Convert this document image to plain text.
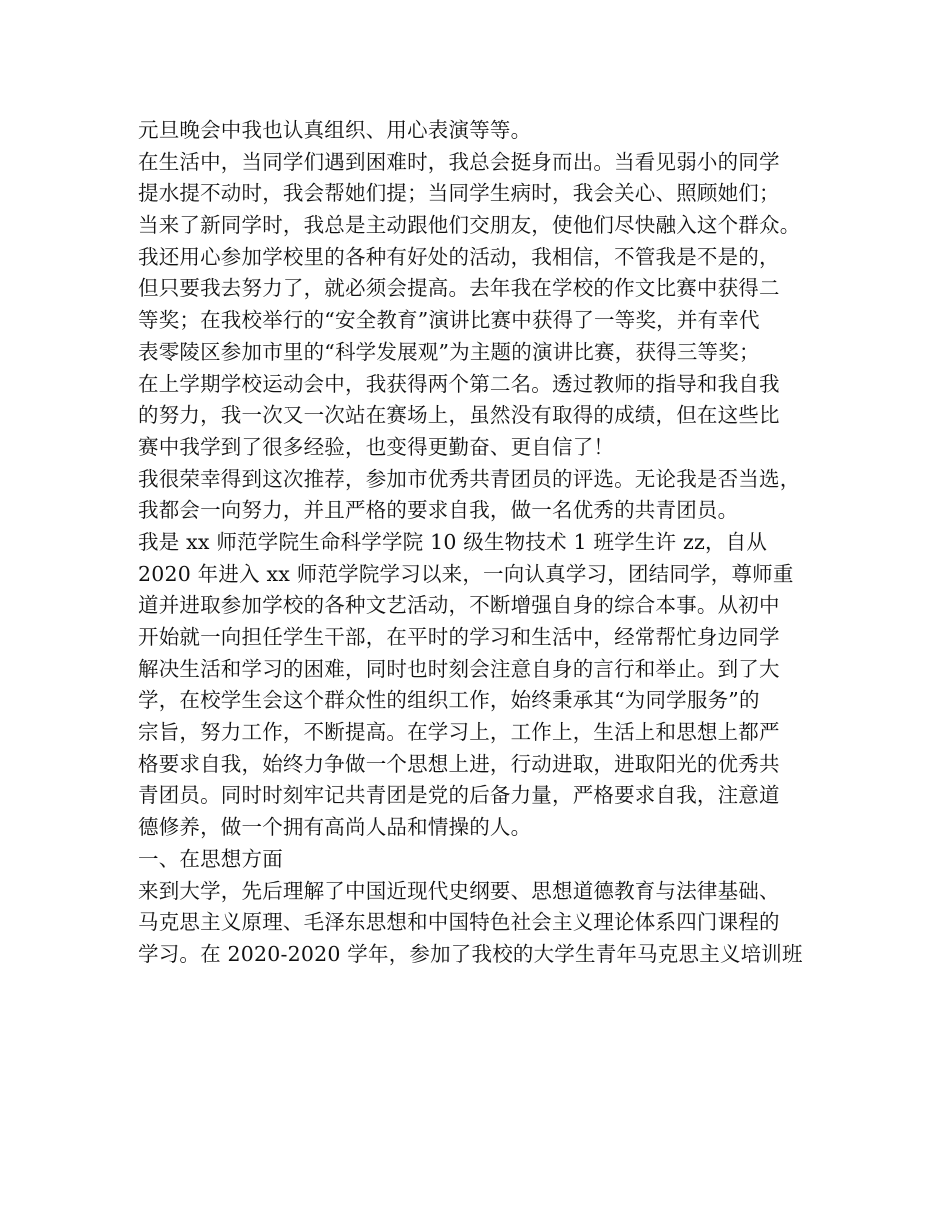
元旦晚会中我也认真组织、用心表演等等。
在生活中，当同学们遇到困难时，我总会挺身而出。当看见弱小的同学
提水提不动时，我会帮她们提；当同学生病时，我会关心、照顾她们；
当来了新同学时，我总是主动跟他们交朋友，使他们尽快融入这个群众。
我还用心参加学校里的各种有好处的活动，我相信，不管我是不是的，
但只要我去努力了，就必须会提高。去年我在学校的作文比赛中获得二
等奖；在我校举行的“安全教育”演讲比赛中获得了一等奖，并有幸代
表零陵区参加市里的“科学发展观”为主题的演讲比赛，获得三等奖；
在上学期学校运动会中，我获得两个第二名。透过教师的指导和我自我
的努力，我一次又一次站在赛场上，虽然没有取得的成绩，但在这些比
赛中我学到了很多经验，也变得更勤奋、更自信了！
我很荣幸得到这次推荐，参加市优秀共青团员的评选。无论我是否当选，
我都会一向努力，并且严格的要求自我，做一名优秀的共青团员。
我是 xx 师范学院生命科学学院 10 级生物技术 1 班学生许 zz，自从
2020 年进入 xx 师范学院学习以来，一向认真学习，团结同学，尊师重
道并进取参加学校的各种文艺活动，不断增强自身的综合本事。从初中
开始就一向担任学生干部，在平时的学习和生活中，经常帮忙身边同学
解决生活和学习的困难，同时也时刻会注意自身的言行和举止。到了大
学，在校学生会这个群众性的组织工作，始终秉承其“为同学服务”的
宗旨，努力工作，不断提高。在学习上，工作上，生活上和思想上都严
格要求自我，始终力争做一个思想上进，行动进取，进取阳光的优秀共
青团员。同时时刻牢记共青团是党的后备力量，严格要求自我，注意道
德修养，做一个拥有高尚人品和情操的人。
一、在思想方面
来到大学，先后理解了中国近现代史纲要、思想道德教育与法律基础、
马克思主义原理、毛泽东思想和中国特色社会主义理论体系四门课程的
学习。在 2020-2020 学年，参加了我校的大学生青年马克思主义培训班
